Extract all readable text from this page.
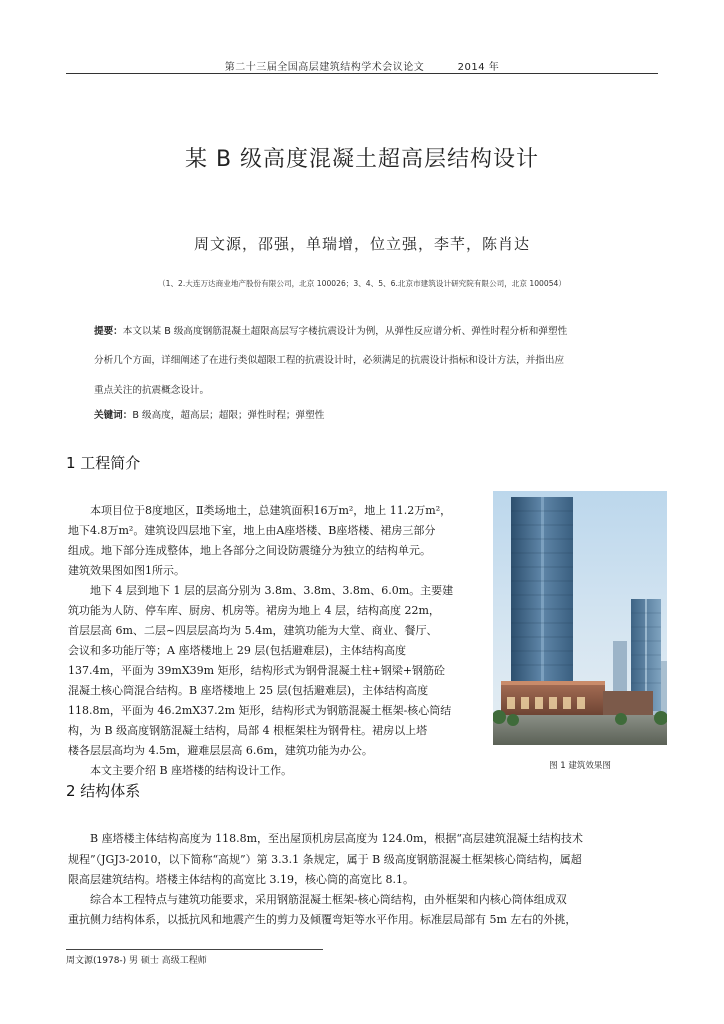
第二十三届全国高层建筑结构学术会议论文	2014 年
某 B 级高度混凝土超高层结构设计
周文源，邵强，单瑞增，位立强，李芊，陈肖达
（1、2.大连万达商业地产股份有限公司，北京 100026；3、4、5、6.北京市建筑设计研究院有限公司，北京 100054）
提要：本文以某 B 级高度钢筋混凝土超限高层写字楼抗震设计为例，从弹性反应谱分析、弹性时程分析和弹塑性
分析几个方面，详细阐述了在进行类似超限工程的抗震设计时，必须满足的抗震设计指标和设计方法，并指出应
重点关注的抗震概念设计。
关键词：B 级高度，超高层；超限；弹性时程；弹塑性
1 工程简介
　　本项目位于8度地区，Ⅱ类场地土，总建筑面积16万m²，地上 11.2万m²，
地下4.8万m²。建筑设四层地下室，地上由A座塔楼、B座塔楼、裙房三部分
组成。地下部分连成整体，地上各部分之间设防震缝分为独立的结构单元。
建筑效果图如图1所示。
　　地下 4 层到地下 1 层的层高分别为 3.8m、3.8m、3.8m、6.0m。主要建
筑功能为人防、停车库、厨房、机房等。裙房为地上 4 层，结构高度 22m，
首层层高 6m、二层~四层层高均为 5.4m，建筑功能为大堂、商业、餐厅、
会议和多功能厅等；A 座塔楼地上 29 层(包括避难层)，主体结构高度
137.4m，平面为 39mX39m 矩形，结构形式为钢骨混凝土柱+钢梁+钢筋砼
混凝土核心筒混合结构。B 座塔楼地上 25 层(包括避难层)，主体结构高度
118.8m，平面为 46.2mX37.2m 矩形，结构形式为钢筋混凝土框架-核心筒结
构，为 B 级高度钢筋混凝土结构，局部 4 根框架柱为钢骨柱。裙房以上塔
楼各层层高均为 4.5m，避难层层高 6.6m，建筑功能为办公。
　　本文主要介绍 B 座塔楼的结构设计工作。	图 1 建筑效果图
2 结构体系
　　B 座塔楼主体结构高度为 118.8m，至出屋顶机房层高度为 124.0m，根据“高层建筑混凝土结构技术
规程”（JGJ3-2010，以下简称“高规”）第 3.3.1 条规定，属于 B 级高度钢筋混凝土框架核心筒结构，属超
限高层建筑结构。塔楼主体结构的高宽比 3.19，核心筒的高宽比 8.1。
　　综合本工程特点与建筑功能要求，采用钢筋混凝土框架-核心筒结构，由外框架和内核心筒体组成双
重抗侧力结构体系，以抵抗风和地震产生的剪力及倾覆弯矩等水平作用。标准层局部有 5m 左右的外挑，
周文源(1978-) 男 硕士 高级工程师
